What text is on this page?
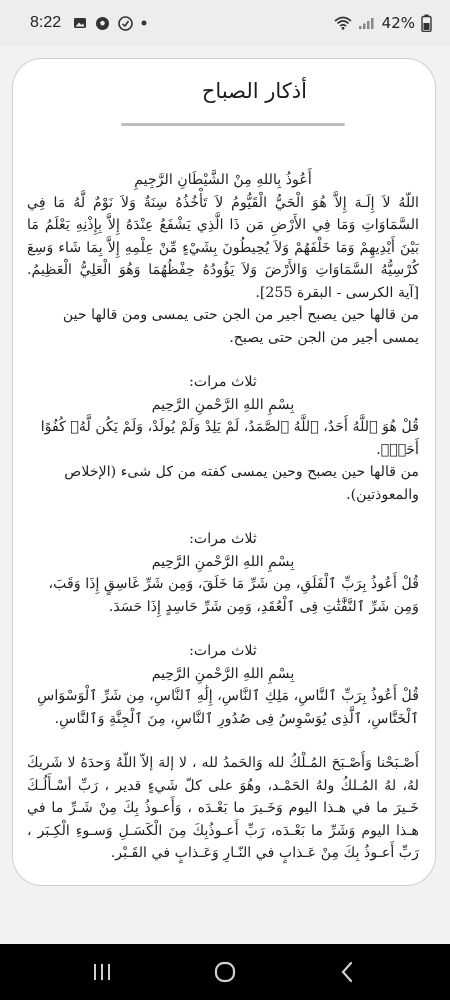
8:22	42%
أذكار الصباح
أَعُوذُ بِاللهِ مِنْ الشَّيْطَانِ الرَّجِيمِ
اللّهُ لاَ إِلَـهَ إِلاَّ هُوَ الْحَيُّ الْقَيُّومُ لاَ تَأْخُذُهُ سِنَةٌ وَلاَ نَوْمٌ لَّهُ مَا فِي السَّمَاوَاتِ وَمَا فِي الأَرْضِ مَن ذَا الَّذِي يَشْفَعُ عِنْدَهُ إِلاَّ بِإِذْنِهِ يَعْلَمُ مَا بَيْنَ أَيْدِيهِمْ وَمَا خَلْفَهُمْ وَلاَ يُحِيطُونَ بِشَيْءٍ مِّنْ عِلْمِهِ إِلاَّ بِمَا شَاء وَسِعَ كُرْسِيُّهُ السَّمَاوَاتِ وَالأَرْضَ وَلاَ يَؤُودُهُ حِفْظُهُمَا وَهُوَ الْعَلِيُّ الْعَظِيمُ. [آية الكرسى - البقرة 255].
من قالها حين يصبح أجير من الجن حتى يمسى ومن قالها حين يمسى أجير من الجن حتى يصبح.
ثلاث مرات:
بِسْمِ اللهِ الرَّحْمنِ الرَّحِيم
قُلْ هُوَ ٱللَّهُ أَحَدٌ، ٱللَّهُ ٱلصَّمَدُ، لَمْ يَلِدْ وَلَمْ يُولَدْ، وَلَمْ يَكُن لَّهُۥ كُفُوًا أَحَدٌۢ.
من قالها حين يصبح وحين يمسى كفته من كل شىء (الإخلاص والمعوذتين).
ثلاث مرات:
بِسْمِ اللهِ الرَّحْمنِ الرَّحِيم
قُلْ أَعُوذُ بِرَبِّ ٱلْفَلَقِ، مِن شَرِّ مَا خَلَقَ، وَمِن شَرِّ غَاسِقٍ إِذَا وَقَبَ، وَمِن شَرِّ ٱلنَّفَّٰثَٰتِ فِى ٱلْعُقَدِ، وَمِن شَرِّ حَاسِدٍ إِذَا حَسَدَ.
ثلاث مرات:
بِسْمِ اللهِ الرَّحْمنِ الرَّحِيم
قُلْ أَعُوذُ بِرَبِّ ٱلنَّاسِ، مَلِكِ ٱلنَّاسِ، إِلَٰهِ ٱلنَّاسِ، مِن شَرِّ ٱلْوَسْوَاسِ ٱلْخَنَّاسِ، ٱلَّذِى يُوَسْوِسُ فِى صُدُورِ ٱلنَّاسِ، مِنَ ٱلْجِنَّةِ وَٱلنَّاسِ.
أَصْـبَحْنا وَأَصْـبَحَ المُـلْكُ لله وَالحَمدُ لله ، لا إلهَ إلاّ اللّهُ وَحدَهُ لا شَريكَ لهُ، لهُ المُـلكُ ولهُ الحَمْـد، وهُوَ على كلّ شَيءٍ قدير ، رَبِّ أسْـأَلُـكَ خَـيرَ ما في هـذا اليوم وَخَـيرَ ما بَعْـدَه ، وَأَعـوذُ بِكَ مِنْ شَـرِّ ما في هـذا اليوم وَشَرِّ ما بَعْـدَه، رَبِّ أَعـوذُبِكَ مِنَ الْكَسَـلِ وَسـوءِ الْكِـبَر ، رَبِّ أَعـوذُ بِكَ مِنْ عَـذابٍ في النّـارِ وَعَـذابٍ في القَـبْر.
